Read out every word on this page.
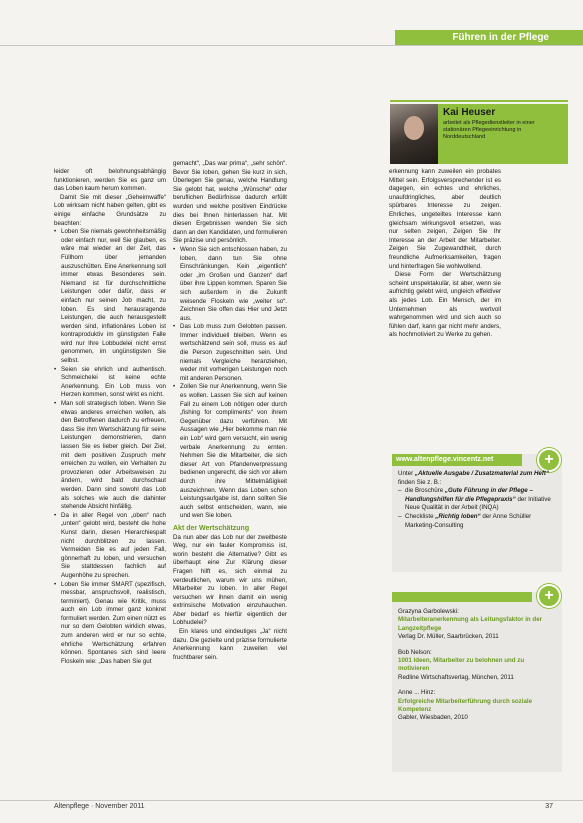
Führen in der Pflege
Kai Heuser
arbeitet als Pflegedienstleiter in einer stationären Pflegeeinrichtung in Norddeutschland

leider oft belohnungsabhängig funktionieren, werden Sie es ganz um das Loben kaum herum kommen.

Damit Sie mit dieser „Geheimwaffe“ Lob wirksam nicht haben gelten, gibt es einige einfache Grundsätze zu beachten:

• Loben Sie niemals gewohnheitsmäßig oder einfach nur, weil Sie glauben, es wäre mal wieder an der Zeit, das Füllhorn über jemanden auszuschütten. Eine Anerkennung soll immer etwas Besonderes sein. Niemand ist für durchschnittliche Leistungen oder dafür, dass er einfach nur seinen Job macht, zu loben. Es sind herausragende Leistungen, die auch herausgestellt werden sind, inflationäres Loben ist kontraproduktiv im günstigsten Falle wird nur Ihre Lobbudelei nicht ernst genommen, im ungünstigsten Sie selbst.
• Seien sie ehrlich und authentisch. Schmeichelei ist keine echte Anerkennung. Ein Lob muss von Herzen kommen, sonst wirkt es nicht.
• Man soll strategisch loben. Wenn Sie etwas anderes erreichen wollen, als den Betroffenen dadurch zu erfreuen, dass Sie ihm Wertschätzung für seine Leistungen demonstrieren, dann lassen Sie es lieber gleich. Der Ziel, mit dem positiven Zuspruch mehr erreichen zu wollen, ein Verhalten zu provozieren oder Arbeitsweisen zu ändern, wird bald durchschaut werden. Dann sind sowohl das Lob als solches wie auch die dahinter stehende Absicht hinfällig.
• Da in aller Regel von „oben“ nach „unten“ gelobt wird, besteht die hohe Kunst darin, diesen Hierarchiespalt nicht durchblitzen zu lassen. Vermeiden Sie es auf jeden Fall, gönnerhaft zu loben, und versuchen Sie stattdessen fachlich auf Augenhöhe zu sprechen.
• Loben Sie immer SMART (spezifisch, messbar, anspruchsvoll, realistisch, terminiert). Genau wie Kritik, muss auch ein Lob immer ganz konkret formuliert werden. Zum einen nützt es nur so dem Gelobten wirklich etwas, zum anderen wird er nur so echte, ehrliche Wertschätzung erfahren können. Spontanes sich sind leere Floskeln wie: „Das haben Sie gut

gemacht“, „Das war prima“, „sehr schön“. Bevor Sie loben, gehen Sie kurz in sich, Überlegen Sie genau, welche Handlung Sie gelobt hat, welche „Wünsche“ oder beruflichen Bedürfnisse dadurch erfüllt wurden und welche positiven Eindrücke dies bei Ihnen hinterlassen hat. Mit diesen Ergebnissen wenden Sie sich dann an den Kandidaten, und formulieren Sie präzise und persönlich.

• Wenn Sie sich entschlossen haben, zu loben, dann tun Sie ohne Einschränkungen. Kein „eigentlich“ oder „im Großen und Ganzen“ darf über ihre Lippen kommen. Sparen Sie sich außerdem in die Zukunft weisende Floskeln wie „weiter so“. Zeichnen Sie offen das Hier und Jetzt aus.
• Das Lob muss zum Gelobten passen. Immer individuell bleiben. Wenn es wertschätzend sein soll, muss es auf die Person zugeschnitten sein. Und niemals Vergleiche heranziehen, weder mit vorherigen Leistungen noch mit anderen Personen.
• Zollen Sie nur Anerkennung, wenn Sie es wollen. Lassen Sie sich auf keinen Fall zu einem Lob nötigen oder durch „fishing for compliments“ von ihrem Gegenüber dazu verführen. Mit Aussagen wie „Hier bekomme man nie ein Lob“ wird gern versucht, ein wenig verbale Anerkennung zu ernten. Nehmen Sie die Mitarbeiter, die sich dieser Art von Pfandenverpressung bedienen ungerecht, die sich vor allem durch ihre Mittelmäßigkeit auszeichnen. Wenn das Loben schon Leistungsaufgabe ist, dann sollten Sie auch selbst entscheiden, wann, wie und wen Sie loben.
Akt der Wertschätzung

Da nun aber das Lob nur der zweitbeste Weg, nur ein fauler Kompromiss ist, worin besteht die Alternative? Gibt es überhaupt eine Zur Klärung dieser Fragen hilft es, sich einmal zu verdeutlichen, warum wir uns mühen, Mitarbeiter zu loben. In aller Regel versuchen wir ihnen damit ein wenig extrinsische Motivation einzuhauchen. Aber bedarf es hierfür eigentlich der Lobhudelei?

Ein klares und eindeutiges „Ja“ nicht dazu. Die gezielte und präzise formulierte Anerkennung kann zuweilen viel fruchtbarer sein.

erkennung kann zuweilen ein probates Mittel sein. Erfolgsversprechender ist es dagegen, ein echtes und ehrliches, unaufdringliches, aber deutlich spürbares Interesse zu zeigen. Ehrliches, ungeteiltes Interesse kann gleichsam wirkungsvoll ersetzen, was nur selten zeigen, Zeigen Sie Ihr Interesse an der Arbeit der Mitarbeiter. Zeigen Sie Zugewandtheit, durch freundliche Aufmerksamkeiten, fragen und hinterfragen Sie wohlwollend.

Diese Form der Wertschätzung scheint unspektakulär, ist aber, wenn sie aufrichtig gelebt wird, ungleich effektiver als jedes Lob. Ein Mensch, der im Unternehmen als wertvoll wahrgenommen wird und sich auch so fühlen darf, kann gar nicht mehr anders, als hochmotiviert zu Werke zu gehen.

www.altenpflege.vincentz.net	+
Unter „Aktuelle Ausgabe / Zusatzmaterial zum Heft“ finden Sie z. B.:
– die Broschüre „Gute Führung in der Pflege – Handlungshilfen für die Pflegepraxis“ der Initiative Neue Qualität in der Arbeit (INQA)
– Checkliste „Richtig loben“ der Anne Schüller Marketing-Consulting
+
Grazyna Garbolewski:
Mitarbeiteranerkennung als Leitungsfaktor in der Langzeitpflege
Verlag Dr. Müller, Saarbrücken, 2011
Bob Nelson:
1001 Ideen, Mitarbeiter zu belohnen und zu motivieren
Redline Wirtschaftsverlag, München, 2011
Anne ... Hinz:
Erfolgreiche Mitarbeiterführung durch soziale Kompetenz
Gabler, Wiesbaden, 2010
Altenpflege · November 2011	37
